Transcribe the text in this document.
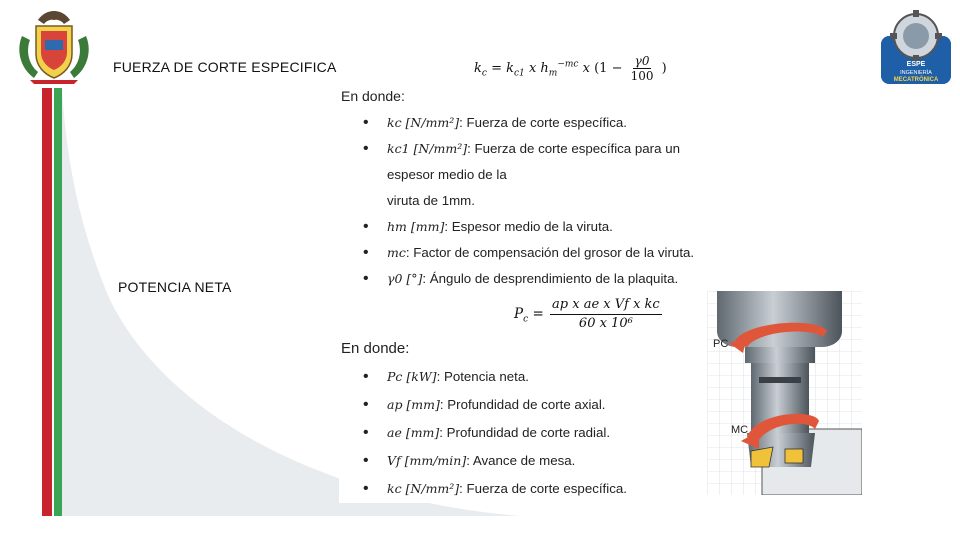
ESPE
INGENIERÍA
MECATRÓNICA
FUERZA DE CORTE ESPECIFICA
POTENCIA NETA
$k_c = k_{c1}$ x $h_m^{-mc}$ x ($1 - \frac{\gamma 0}{100}$ )
En donde:
• kc [N/mm²]: Fuerza de corte específica.
• kc1 [N/mm²]: Fuerza de corte específica para un espesor medio de la
viruta de 1mm.
• hm [mm]: Espesor medio de la viruta.
• mc: Factor de compensación del grosor de la viruta.
• γ0 [°]: Ángulo de desprendimiento de la plaquita.
$P_c = \frac{\text{ap x ae x Vf x kc}}{\text{60 x 10⁶}}$
En donde:
• Pc [kW]: Potencia neta.
• ap [mm]: Profundidad de corte axial.
• ae [mm]: Profundidad de corte radial.
• Vf [mm/min]: Avance de mesa.
• kc [N/mm²]: Fuerza de corte específica.
PC
MC
